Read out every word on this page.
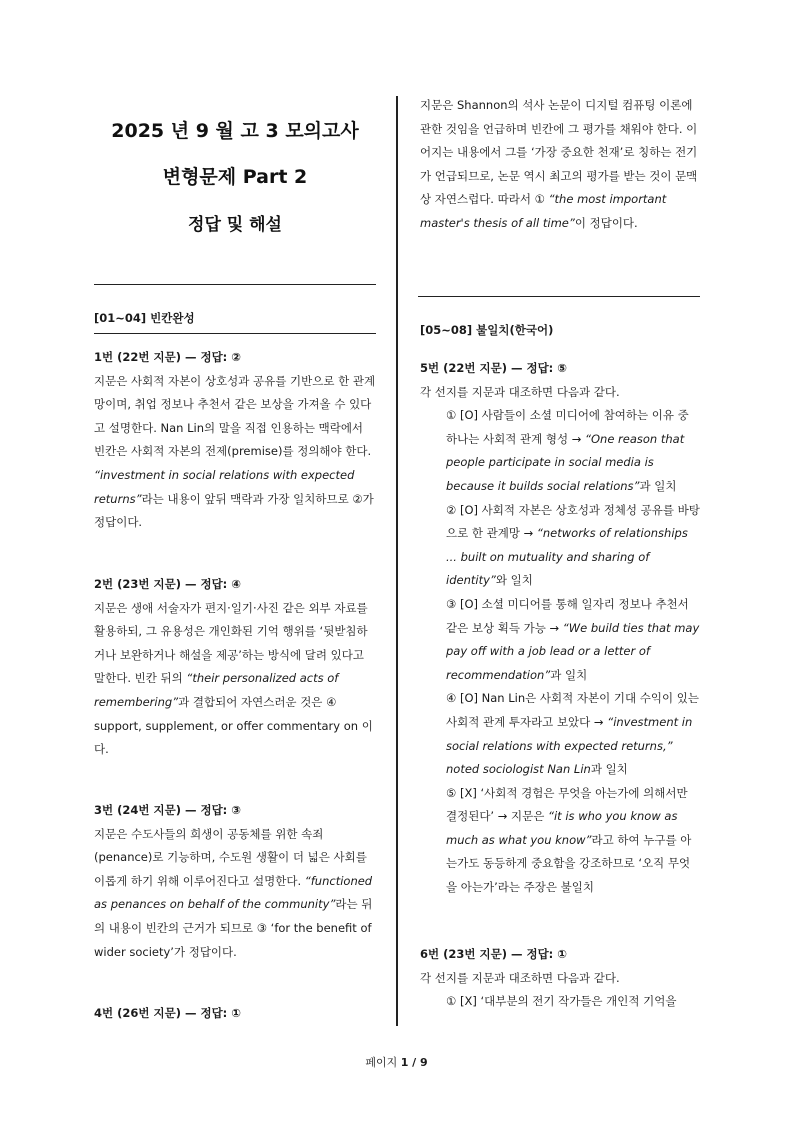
2025 년 9 월 고 3 모의고사
변형문제 Part 2
정답 및 해설
[01~04] 빈칸완성
1번 (22번 지문) — 정답: ②

지문은 사회적 자본이 상호성과 공유를 기반으로 한 관계망이며, 취업 정보나 추천서 같은 보상을 가져올 수 있다고 설명한다. Nan Lin의 말을 직접 인용하는 맥락에서 빈칸은 사회적 자본의 전제(premise)를 정의해야 한다. “investment in social relations with expected returns”라는 내용이 앞뒤 맥락과 가장 일치하므로 ②가 정답이다.

2번 (23번 지문) — 정답: ④

지문은 생애 서술자가 편지·일기·사진 같은 외부 자료를 활용하되, 그 유용성은 개인화된 기억 행위를 ‘뒷받침하거나 보완하거나 해설을 제공’하는 방식에 달려 있다고 말한다. 빈칸 뒤의 “their personalized acts of remembering”과 결합되어 자연스러운 것은 ④ support, supplement, or offer commentary on 이다.

3번 (24번 지문) — 정답: ③

지문은 수도사들의 희생이 공동체를 위한 속죄(penance)로 기능하며, 수도원 생활이 더 넓은 사회를 이롭게 하기 위해 이루어진다고 설명한다. “functioned as penances on behalf of the community”라는 뒤의 내용이 빈칸의 근거가 되므로 ③ ‘for the benefit of wider society’가 정답이다.

4번 (26번 지문) — 정답: ①

지문은 Shannon의 석사 논문이 디지털 컴퓨팅 이론에 관한 것임을 언급하며 빈칸에 그 평가를 채워야 한다. 이어지는 내용에서 그를 ‘가장 중요한 천재’로 칭하는 전기가 언급되므로, 논문 역시 최고의 평가를 받는 것이 문맥상 자연스럽다. 따라서 ① “the most important master's thesis of all time”이 정답이다.

[05~08] 불일치(한국어)
5번 (22번 지문) — 정답: ⑤

각 선지를 지문과 대조하면 다음과 같다.

① [O] 사람들이 소셜 미디어에 참여하는 이유 중 하나는 사회적 관계 형성 → “One reason that people participate in social media is because it builds social relations”과 일치

② [O] 사회적 자본은 상호성과 정체성 공유를 바탕으로 한 관계망 → “networks of relationships ... built on mutuality and sharing of identity”와 일치

③ [O] 소셜 미디어를 통해 일자리 정보나 추천서 같은 보상 획득 가능 → “We build ties that may pay off with a job lead or a letter of recommendation”과 일치

④ [O] Nan Lin은 사회적 자본이 기대 수익이 있는 사회적 관계 투자라고 보았다 → “investment in social relations with expected returns,” noted sociologist Nan Lin과 일치

⑤ [X] ‘사회적 경험은 무엇을 아는가에 의해서만 결정된다’ → 지문은 “it is who you know as much as what you know”라고 하여 누구를 아는가도 동등하게 중요함을 강조하므로 ‘오직 무엇을 아는가’라는 주장은 불일치

6번 (23번 지문) — 정답: ①

각 선지를 지문과 대조하면 다음과 같다.

① [X] ‘대부분의 전기 작가들은 개인적 기억을

페이지 1 / 9
